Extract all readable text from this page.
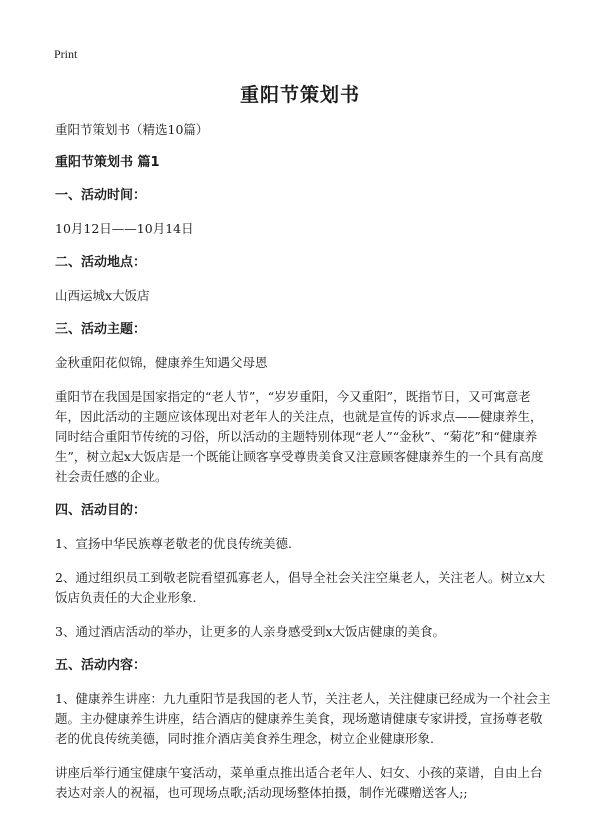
Print
重阳节策划书

重阳节策划书（精选10篇）

重阳节策划书 篇1

一、活动时间：

10月12日——10月14日

二、活动地点：

山西运城x大饭店

三、活动主题：

金秋重阳花似锦，健康养生知遇父母恩

重阳节在我国是国家指定的“老人节”，“岁岁重阳，今又重阳”，既指节日，又可寓意老年，因此活动的主题应该体现出对老年人的关注点，也就是宣传的诉求点——健康养生，同时结合重阳节传统的习俗，所以活动的主题特别体现“老人”“金秋”、“菊花”和“健康养生”，树立起x大饭店是一个既能让顾客享受尊贵美食又注意顾客健康养生的一个具有高度社会责任感的企业。

四、活动目的：

1、宣扬中华民族尊老敬老的优良传统美德.

2、通过组织员工到敬老院看望孤寡老人，倡导全社会关注空巢老人，关注老人。树立x大饭店负责任的大企业形象.

3、通过酒店活动的举办，让更多的人亲身感受到x大饭店健康的美食。

五、活动内容：

1、健康养生讲座：九九重阳节是我国的老人节，关注老人，关注健康已经成为一个社会主题。主办健康养生讲座，结合酒店的健康养生美食，现场邀请健康专家讲授，宣扬尊老敬老的优良传统美德，同时推介酒店美食养生理念，树立企业健康形象.

讲座后举行通宝健康午宴活动，菜单重点推出适合老年人、妇女、小孩的菜谱，自由上台表达对亲人的祝福，也可现场点歌;活动现场整体拍摄，制作光碟赠送客人;;
